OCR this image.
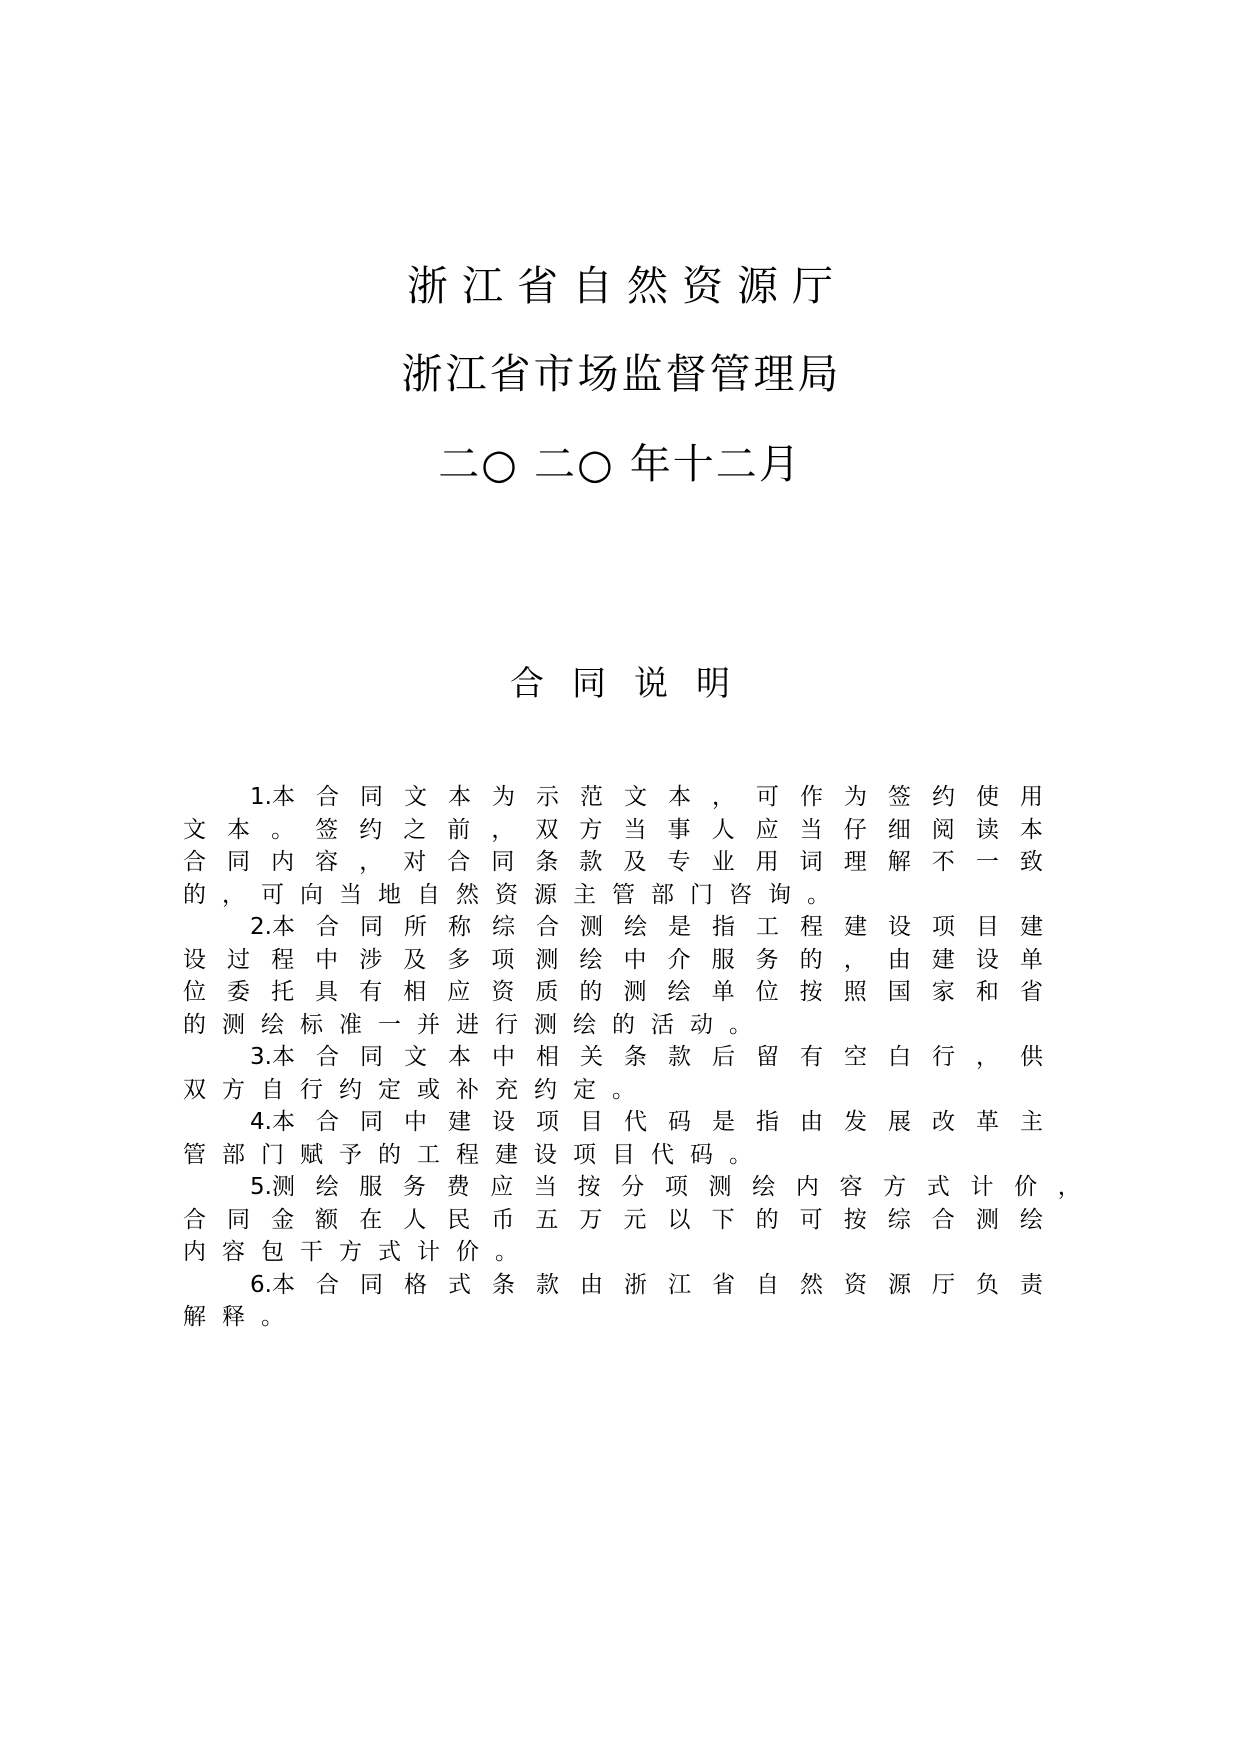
浙江省自然资源厅
浙江省市场监督管理局
二○ 二○ 年十二月
合同说明
1.本 合 同 文 本 为 示 范 文 本 ， 可 作 为 签 约 使 用
文 本 。 签 约 之 前 ， 双 方 当 事 人 应 当 仔 细 阅 读 本
合 同 内 容 ， 对 合 同 条 款 及 专 业 用 词 理 解 不 一 致
的 ， 可 向 当 地 自 然 资 源 主 管 部 门 咨 询 。
2.本 合 同 所 称 综 合 测 绘 是 指 工 程 建 设 项 目 建
设 过 程 中 涉 及 多 项 测 绘 中 介 服 务 的 ， 由 建 设 单
位 委 托 具 有 相 应 资 质 的 测 绘 单 位 按 照 国 家 和 省
的 测 绘 标 准 一 并 进 行 测 绘 的 活 动 。
3.本 合 同 文 本 中 相 关 条 款 后 留 有 空 白 行 ， 供
双 方 自 行 约 定 或 补 充 约 定 。
4.本 合 同 中 建 设 项 目 代 码 是 指 由 发 展 改 革 主
管 部 门 赋 予 的 工 程 建 设 项 目 代 码 。
5.测 绘 服 务 费 应 当 按 分 项 测 绘 内 容 方 式 计 价 ，
合 同 金 额 在 人 民 币 五 万 元 以 下 的 可 按 综 合 测 绘
内 容 包 干 方 式 计 价 。
6.本 合 同 格 式 条 款 由 浙 江 省 自 然 资 源 厅 负 责
解 释 。
